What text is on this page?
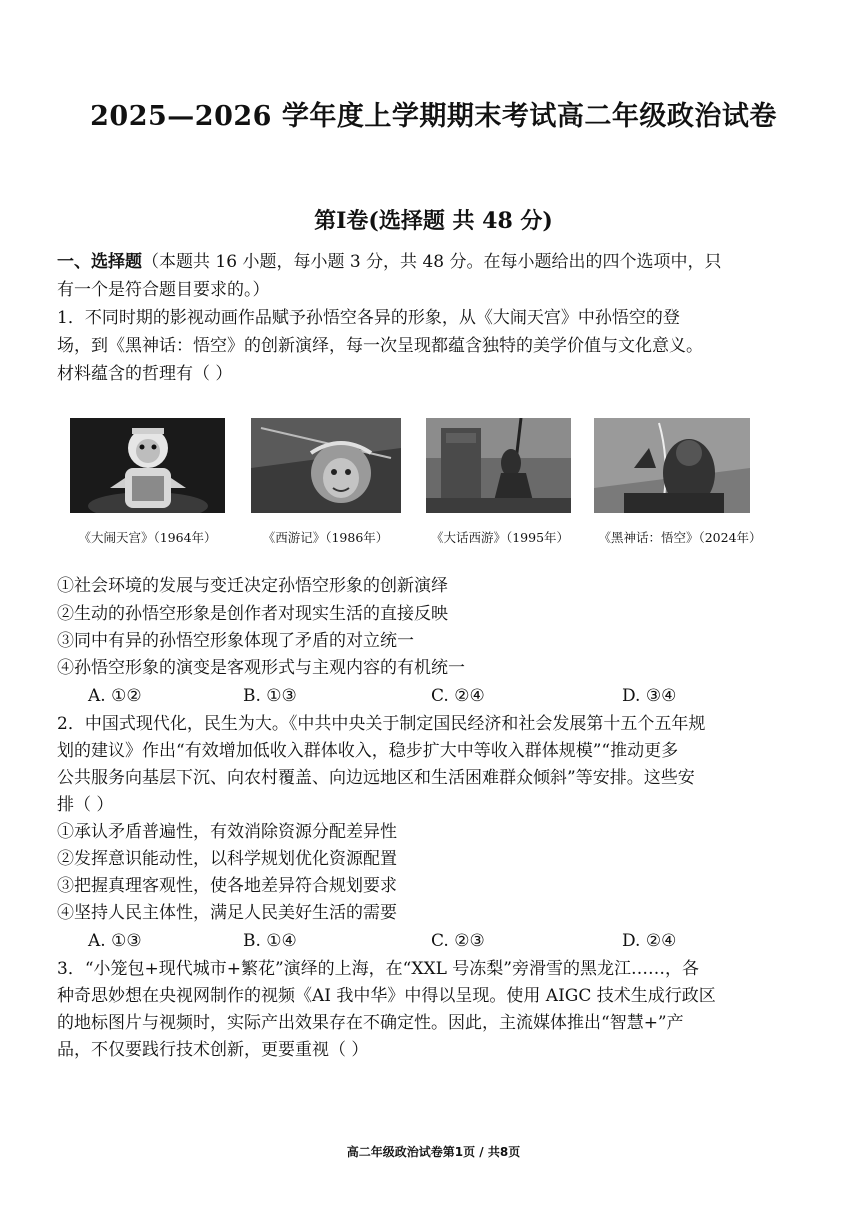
2025—2026 学年度上学期期末考试高二年级政治试卷
第Ⅰ卷(选择题 共 48 分)
一、选择题（本题共 16 小题，每小题 3 分，共 48 分。在每小题给出的四个选项中，只
有一个是符合题目要求的。）
1．不同时期的影视动画作品赋予孙悟空各异的形象，从《大闹天宫》中孙悟空的登
场，到《黑神话：悟空》的创新演绎，每一次呈现都蕴含独特的美学价值与文化意义。
材料蕴含的哲理有（ ）
《大闹天宫》（1964年）	《西游记》（1986年）	《大话西游》（1995年）	《黑神话：悟空》（2024年）
①社会环境的发展与变迁决定孙悟空形象的创新演绎
②生动的孙悟空形象是创作者对现实生活的直接反映
③同中有异的孙悟空形象体现了矛盾的对立统一
④孙悟空形象的演变是客观形式与主观内容的有机统一
A. ①②	B. ①③	C. ②④	D. ③④
2．中国式现代化，民生为大。《中共中央关于制定国民经济和社会发展第十五个五年规
划的建议》作出“有效增加低收入群体收入，稳步扩大中等收入群体规模”“推动更多
公共服务向基层下沉、向农村覆盖、向边远地区和生活困难群众倾斜”等安排。这些安
排（ ）
①承认矛盾普遍性，有效消除资源分配差异性
②发挥意识能动性，以科学规划优化资源配置
③把握真理客观性，使各地差异符合规划要求
④坚持人民主体性，满足人民美好生活的需要
A. ①③	B. ①④	C. ②③	D. ②④
3．“小笼包+现代城市+繁花”演绎的上海，在“XXL 号冻梨”旁滑雪的黑龙江……，各
种奇思妙想在央视网制作的视频《AI 我中华》中得以呈现。使用 AIGC 技术生成行政区
的地标图片与视频时，实际产出效果存在不确定性。因此，主流媒体推出“智慧+”产
品，不仅要践行技术创新，更要重视（ ）
高二年级政治试卷第1页 / 共8页
